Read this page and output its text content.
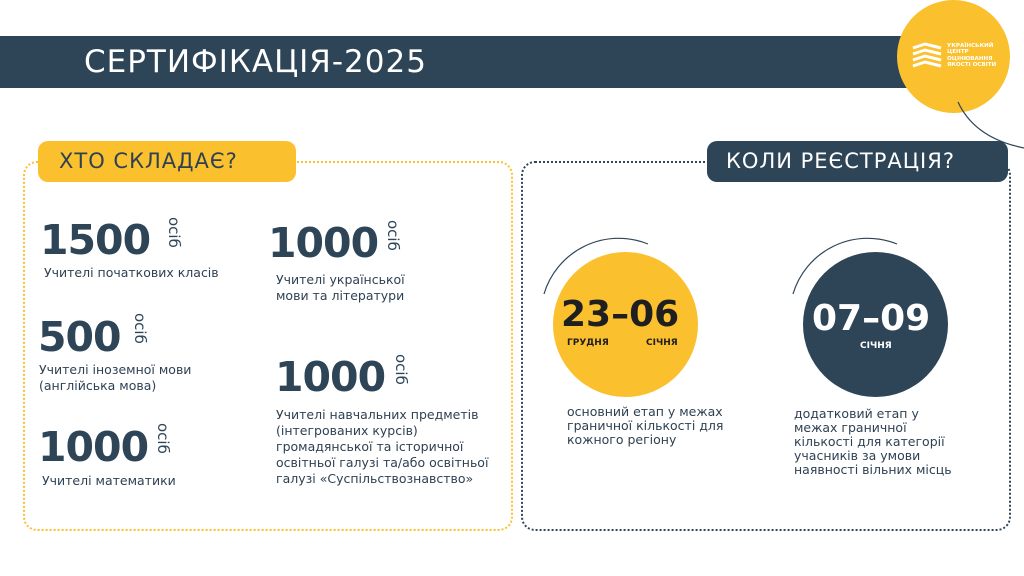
СЕРТИФІКАЦІЯ-2025	УКРАЇНСЬКИЙ
ЦЕНТР
ОЦІНЮВАННЯ
ЯКОСТІ ОСВІТИ
ХТО СКЛАДАЄ?
1500 осіб
Учителі початкових класів
500 осіб
Учителі іноземної мови (англійська мова)
1000 осіб
Учителі математики
1000 осіб
Учителі української мови та літератури
1000 осіб
Учителі навчальних предметів (інтегрованих курсів) громадянської та історичної освітньої галузі та/або освітньої галузі «Суспільствознавство»
КОЛИ РЕЄСТРАЦІЯ?
23–06
ГРУДНЯ	СІЧНЯ
основний етап у межах граничної кількості для кожного регіону
07–09
СІЧНЯ
додатковий етап у межах граничної кількості для категорії учасників за умови наявності вільних місць
